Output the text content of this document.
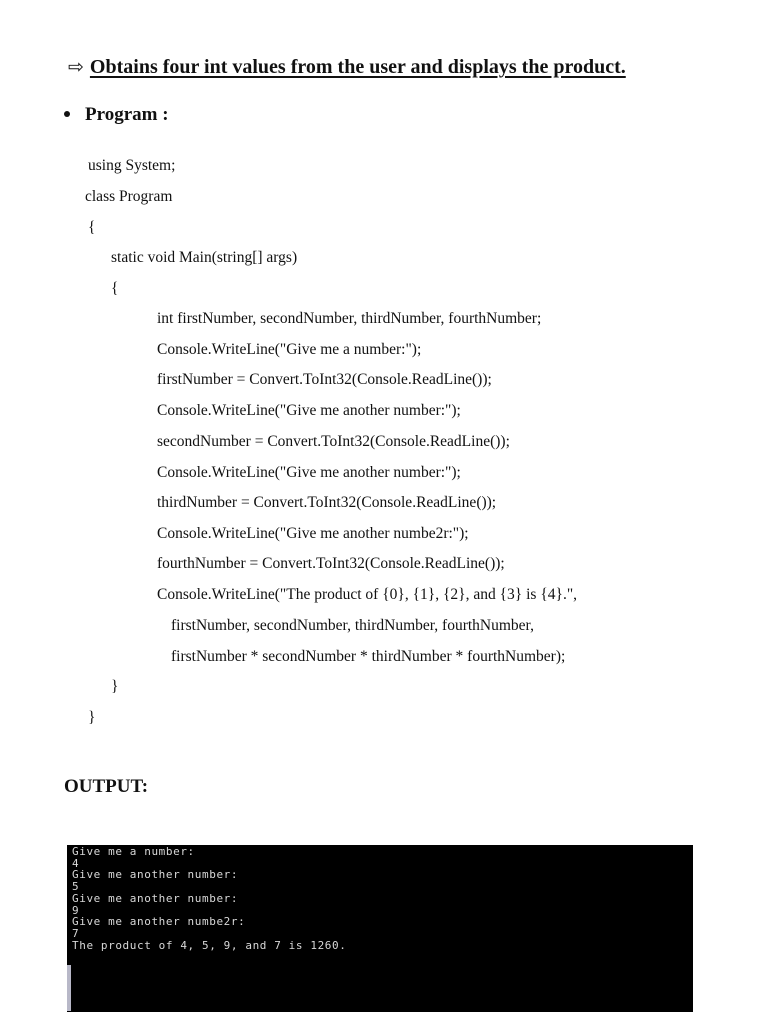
⇨ Obtains four int values from the user and displays the product.
Program :
using System;
class Program
{
static void Main(string[] args)
{
int firstNumber, secondNumber, thirdNumber, fourthNumber;
Console.WriteLine("Give me a number:");
firstNumber = Convert.ToInt32(Console.ReadLine());
Console.WriteLine("Give me another number:");
secondNumber = Convert.ToInt32(Console.ReadLine());
Console.WriteLine("Give me another number:");
thirdNumber = Convert.ToInt32(Console.ReadLine());
Console.WriteLine("Give me another numbe2r:");
fourthNumber = Convert.ToInt32(Console.ReadLine());
Console.WriteLine("The product of {0}, {1}, {2}, and {3} is {4}.",
firstNumber, secondNumber, thirdNumber, fourthNumber,
firstNumber * secondNumber * thirdNumber * fourthNumber);
}
}
OUTPUT:
Give me a number:
4
Give me another number:
5
Give me another number:
9
Give me another numbe2r:
7
The product of 4, 5, 9, and 7 is 1260.
